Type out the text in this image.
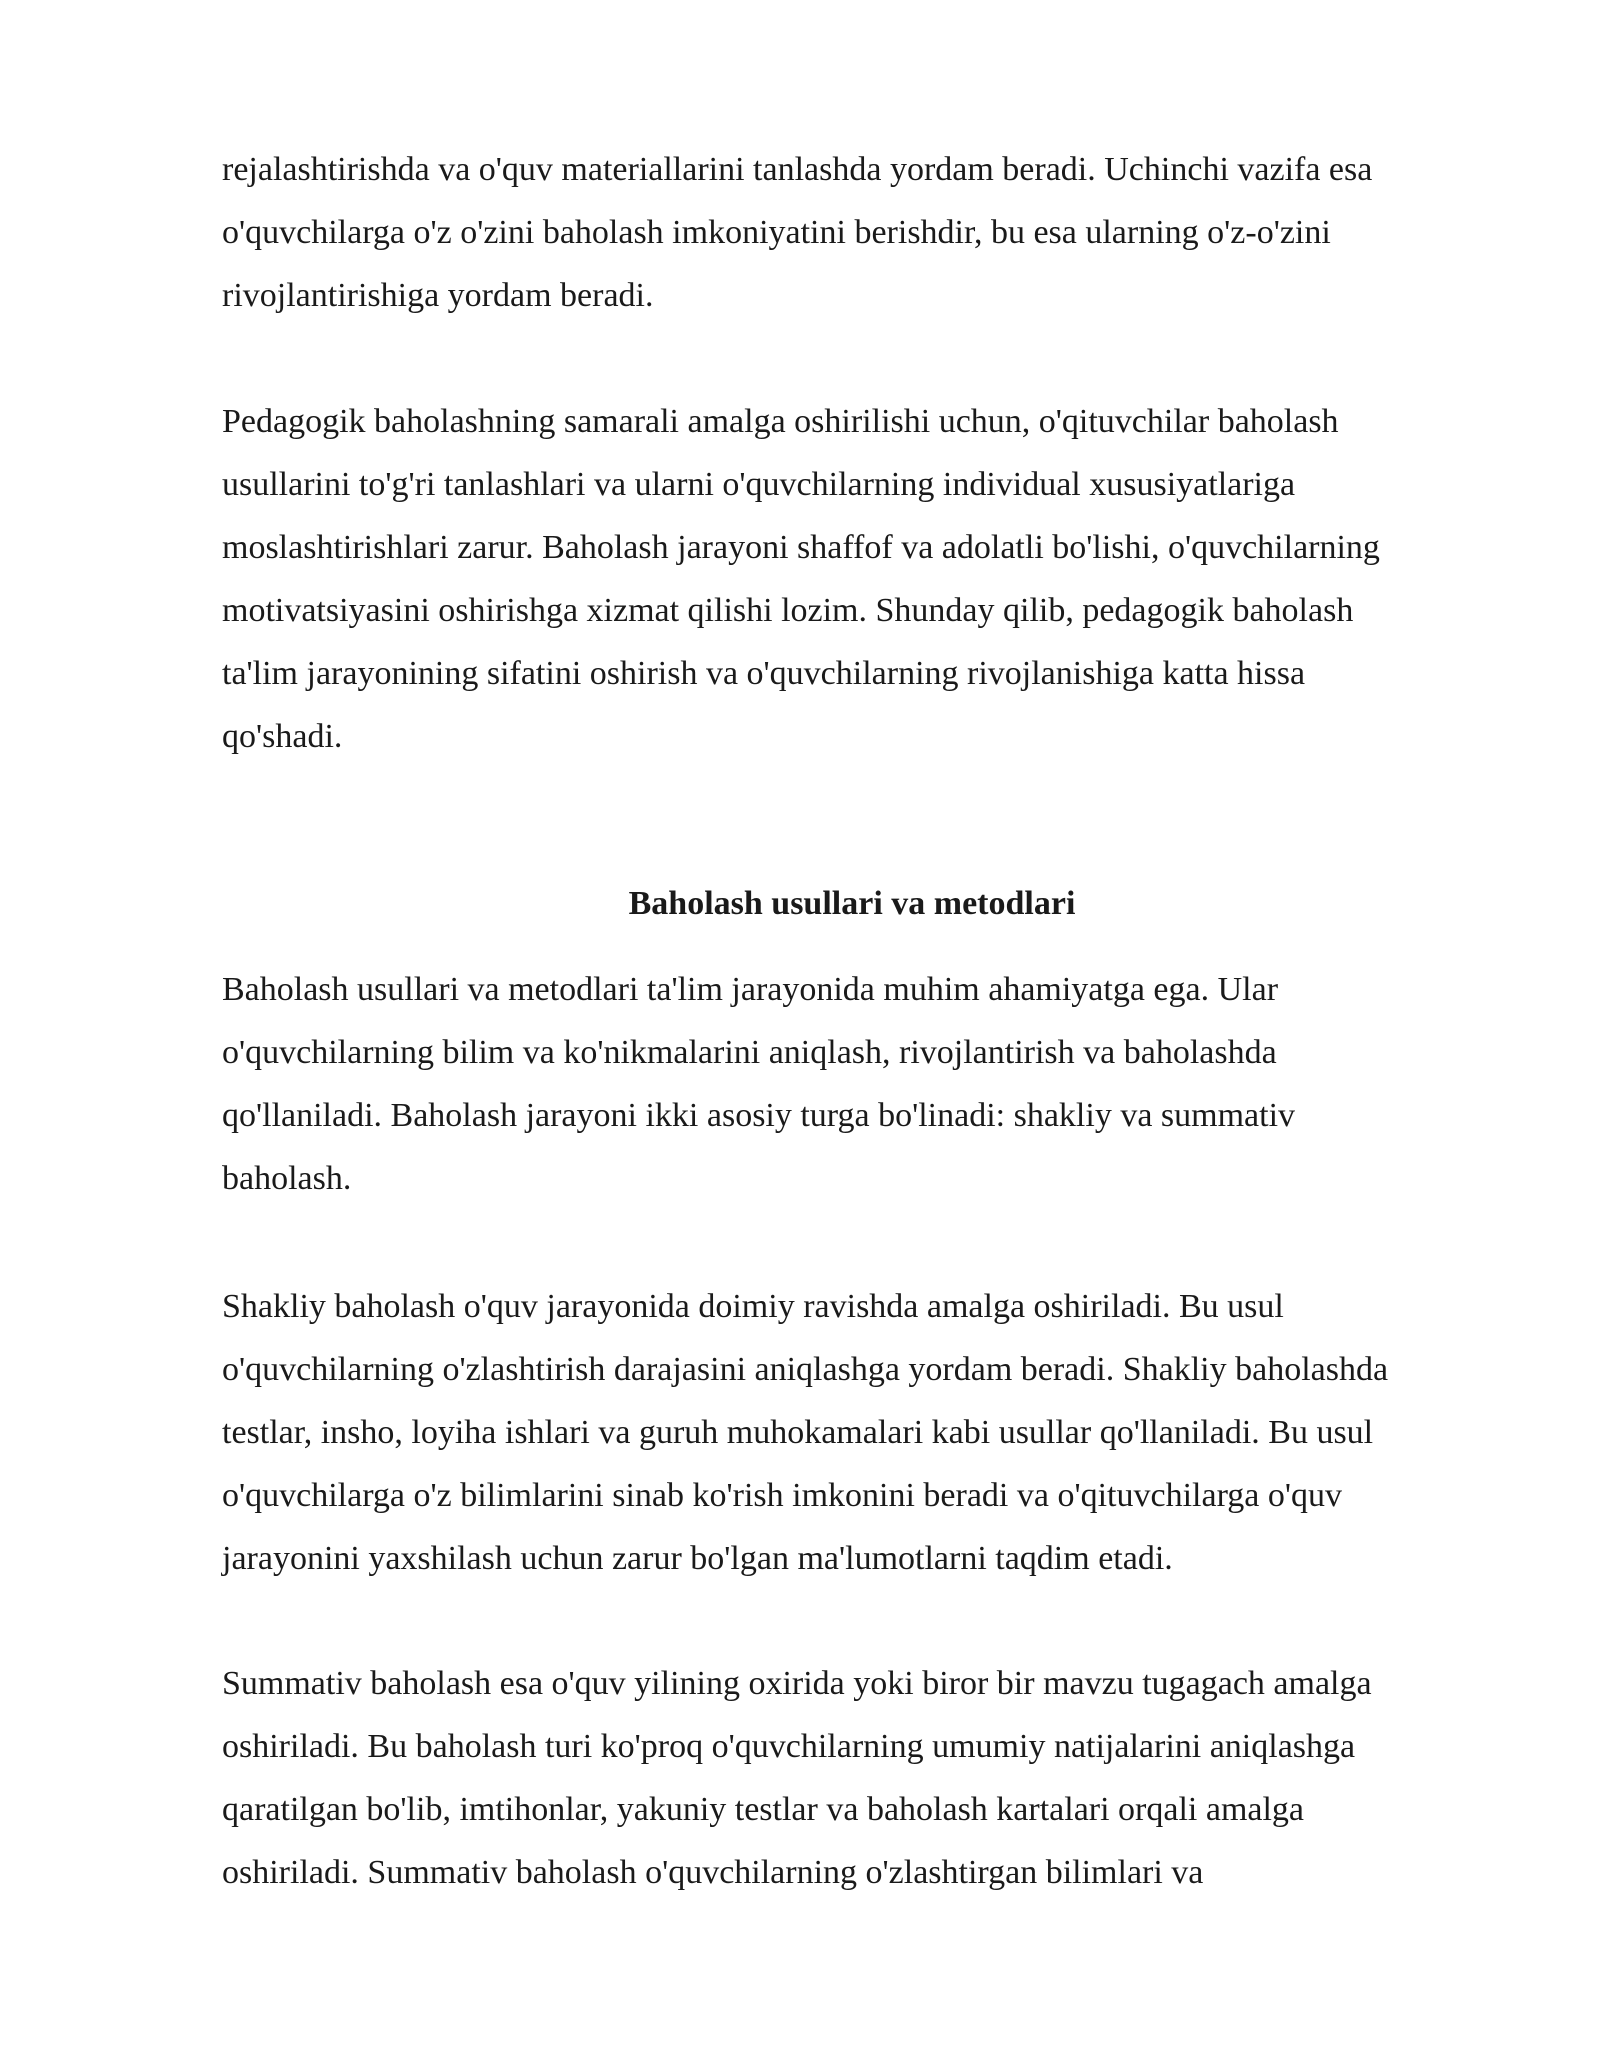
rejalashtirishda va o'quv materiallarini tanlashda yordam beradi. Uchinchi vazifa esa
o'quvchilarga o'z o'zini baholash imkoniyatini berishdir, bu esa ularning o'z-o'zini
rivojlantirishiga yordam beradi.
Pedagogik baholashning samarali amalga oshirilishi uchun, o'qituvchilar baholash
usullarini to'g'ri tanlashlari va ularni o'quvchilarning individual xususiyatlariga
moslashtirishlari zarur. Baholash jarayoni shaffof va adolatli bo'lishi, o'quvchilarning
motivatsiyasini oshirishga xizmat qilishi lozim. Shunday qilib, pedagogik baholash
ta'lim jarayonining sifatini oshirish va o'quvchilarning rivojlanishiga katta hissa
qo'shadi.
Baholash usullari va metodlari
Baholash usullari va metodlari ta'lim jarayonida muhim ahamiyatga ega. Ular
o'quvchilarning bilim va ko'nikmalarini aniqlash, rivojlantirish va baholashda
qo'llaniladi. Baholash jarayoni ikki asosiy turga bo'linadi: shakliy va summativ
baholash.
Shakliy baholash o'quv jarayonida doimiy ravishda amalga oshiriladi. Bu usul
o'quvchilarning o'zlashtirish darajasini aniqlashga yordam beradi. Shakliy baholashda
testlar, insho, loyiha ishlari va guruh muhokamalari kabi usullar qo'llaniladi. Bu usul
o'quvchilarga o'z bilimlarini sinab ko'rish imkonini beradi va o'qituvchilarga o'quv
jarayonini yaxshilash uchun zarur bo'lgan ma'lumotlarni taqdim etadi.
Summativ baholash esa o'quv yilining oxirida yoki biror bir mavzu tugagach amalga
oshiriladi. Bu baholash turi ko'proq o'quvchilarning umumiy natijalarini aniqlashga
qaratilgan bo'lib, imtihonlar, yakuniy testlar va baholash kartalari orqali amalga
oshiriladi. Summativ baholash o'quvchilarning o'zlashtirgan bilimlari va
